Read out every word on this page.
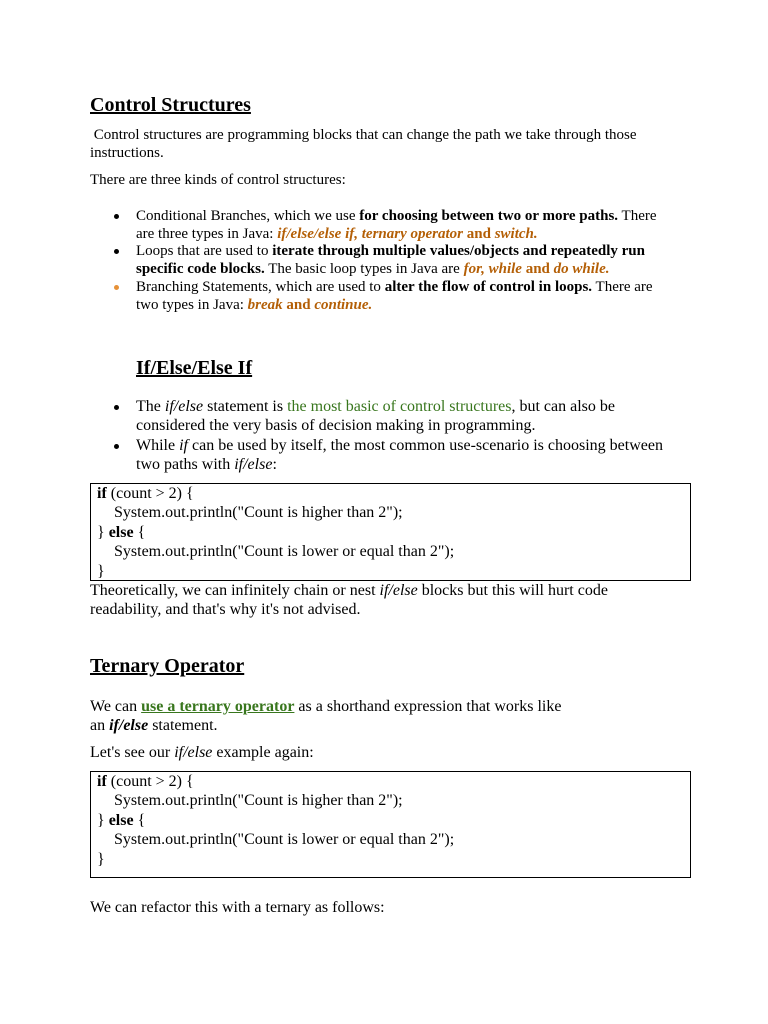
Control Structures

Control structures are programming blocks that can change the path we take through those

instructions.

There are three kinds of control structures:

Conditional Branches, which we use for choosing between two or more paths. There

are three types in Java: if/else/else if, ternary operator and switch.

Loops that are used to iterate through multiple values/objects and repeatedly run

specific code blocks. The basic loop types in Java are for, while and do while.

Branching Statements, which are used to alter the flow of control in loops. There are

two types in Java: break and continue.

If/Else/Else If

The if/else statement is the most basic of control structures, but can also be

considered the very basis of decision making in programming.

While if can be used by itself, the most common use-scenario is choosing between

two paths with if/else:

if (count > 2) {
System.out.println("Count is higher than 2");
} else {
System.out.println("Count is lower or equal than 2");
}

Theoretically, we can infinitely chain or nest if/else blocks but this will hurt code

readability, and that's why it's not advised.

Ternary Operator

We can use a ternary operator as a shorthand expression that works like

an if/else statement.

Let's see our if/else example again:

if (count > 2) {
System.out.println("Count is higher than 2");
} else {
System.out.println("Count is lower or equal than 2");
}

We can refactor this with a ternary as follows:
